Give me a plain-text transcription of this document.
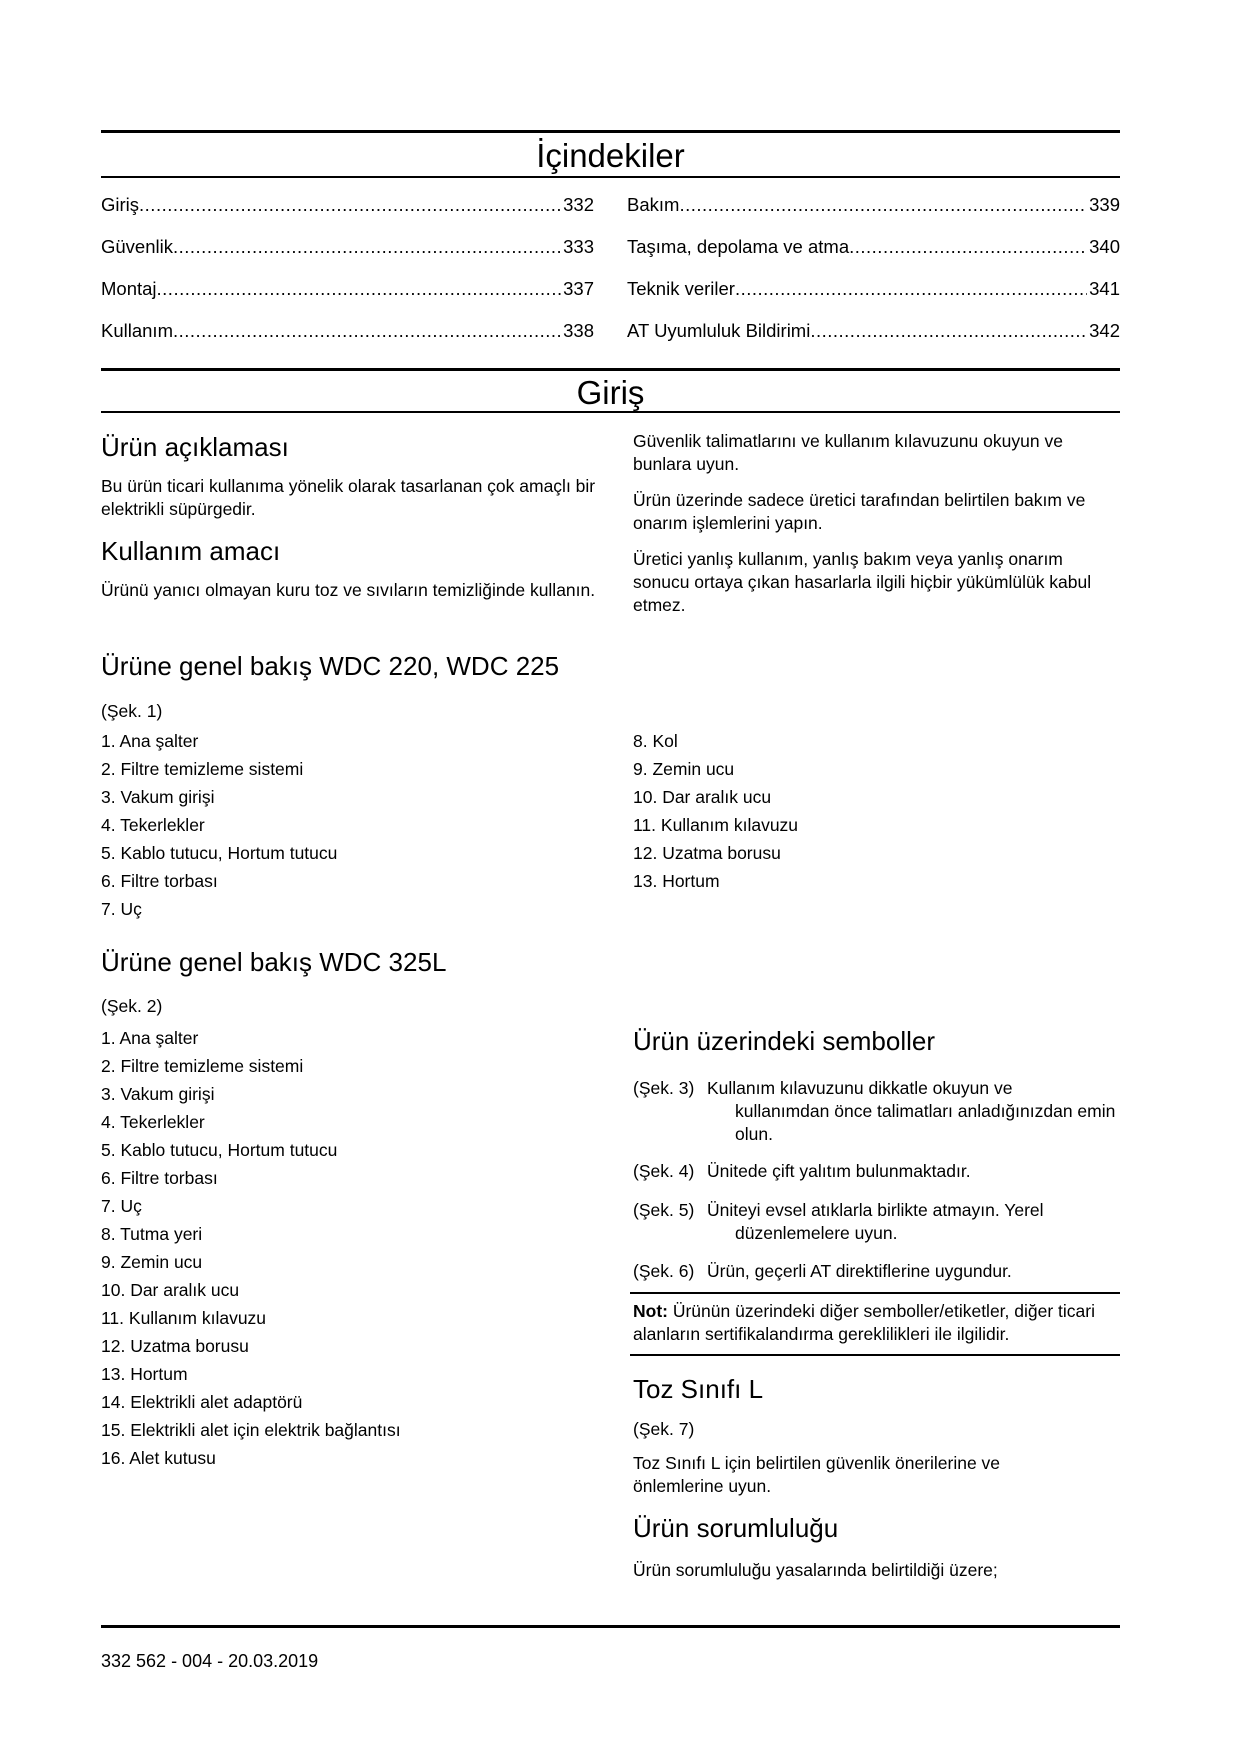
İçindekiler
Giriş .....	332
Güvenlik .....	333
Montaj .....	337
Kullanım .....	338
Bakım .....	339
Taşıma, depolama ve atma .....	340
Teknik veriler .....	341
AT Uyumluluk Bildirimi .....	342
Giriş
Ürün açıklaması

Bu ürün ticari kullanıma yönelik olarak tasarlanan çok amaçlı bir elektrikli süpürgedir.

Kullanım amacı

Ürünü yanıcı olmayan kuru toz ve sıvıların temizliğinde kullanın.

Güvenlik talimatlarını ve kullanım kılavuzunu okuyun ve bunlara uyun.

Ürün üzerinde sadece üretici tarafından belirtilen bakım ve onarım işlemlerini yapın.

Üretici yanlış kullanım, yanlış bakım veya yanlış onarım sonucu ortaya çıkan hasarlarla ilgili hiçbir yükümlülük kabul etmez.

Ürüne genel bakış WDC 220, WDC 225

(Şek. 1)

1. Ana şalter
2. Filtre temizleme sistemi
3. Vakum girişi
4. Tekerlekler
5. Kablo tutucu, Hortum tutucu
6. Filtre torbası
7. Uç
8. Kol
9. Zemin ucu
10. Dar aralık ucu
11. Kullanım kılavuzu
12. Uzatma borusu
13. Hortum
Ürüne genel bakış WDC 325L

(Şek. 2)

1. Ana şalter
2. Filtre temizleme sistemi
3. Vakum girişi
4. Tekerlekler
5. Kablo tutucu, Hortum tutucu
6. Filtre torbası
7. Uç
8. Tutma yeri
9. Zemin ucu
10. Dar aralık ucu
11. Kullanım kılavuzu
12. Uzatma borusu
13. Hortum
14. Elektrikli alet adaptörü
15. Elektrikli alet için elektrik bağlantısı
16. Alet kutusu
Ürün üzerindeki semboller
(Şek. 3) Kullanım kılavuzunu dikkatle okuyun ve
kullanımdan önce talimatları anladığınızdan emin olun.
(Şek. 4) Ünitede çift yalıtım bulunmaktadır.
(Şek. 5) Üniteyi evsel atıklarla birlikte atmayın. Yerel
düzenlemelere uyun.
(Şek. 6) Ürün, geçerli AT direktiflerine uygundur.

Not: Ürünün üzerindeki diğer semboller/etiketler, diğer ticari alanların sertifikalandırma gereklilikleri ile ilgilidir.

Toz Sınıfı L

(Şek. 7)

Toz Sınıfı L için belirtilen güvenlik önerilerine ve önlemlerine uyun.

Ürün sorumluluğu

Ürün sorumluluğu yasalarında belirtildiği üzere;

332 562 - 004 - 20.03.2019
